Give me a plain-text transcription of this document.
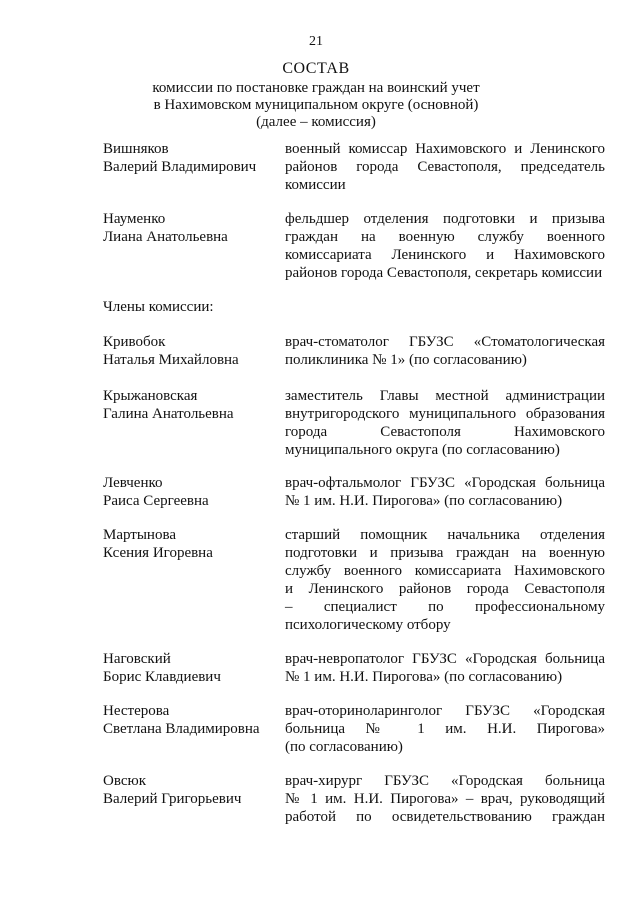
21
СОСТАВ
комиссии по постановке граждан на воинский учет
в Нахимовском муниципальном округе (основной)
(далее – комиссия)
Вишняков
Валерий Владимирович
военный комиссар Нахимовского и Ленинского
районов города Севастополя, председатель
комиссии
Науменко
Лиана Анатольевна
фельдшер отделения подготовки и призыва
граждан на военную службу военного
комиссариата Ленинского и Нахимовского
районов города Севастополя, секретарь комиссии
Члены комиссии:
Кривобок
Наталья Михайловна
врач-стоматолог ГБУЗС «Стоматологическая
поликлиника № 1» (по согласованию)
Крыжановская
Галина Анатольевна
заместитель Главы местной администрации
внутригородского муниципального образования
города Севастополя Нахимовского
муниципального округа (по согласованию)
Левченко
Раиса Сергеевна
врач-офтальмолог ГБУЗС «Городская больница
№ 1 им. Н.И. Пирогова» (по согласованию)
Мартынова
Ксения Игоревна
старший помощник начальника отделения
подготовки и призыва граждан на военную
службу военного комиссариата Нахимовского
и Ленинского районов города Севастополя
– специалист по профессиональному
психологическому отбору
Наговский
Борис Клавдиевич
врач-невропатолог ГБУЗС «Городская больница
№ 1 им. Н.И. Пирогова» (по согласованию)
Нестерова
Светлана Владимировна
врач-оториноларинголог ГБУЗС «Городская
больница № 1 им. Н.И. Пирогова»
(по согласованию)
Овсюк
Валерий Григорьевич
врач-хирург ГБУЗС «Городская больница
№ 1 им. Н.И. Пирогова» – врач, руководящий
работой по освидетельствованию граждан
